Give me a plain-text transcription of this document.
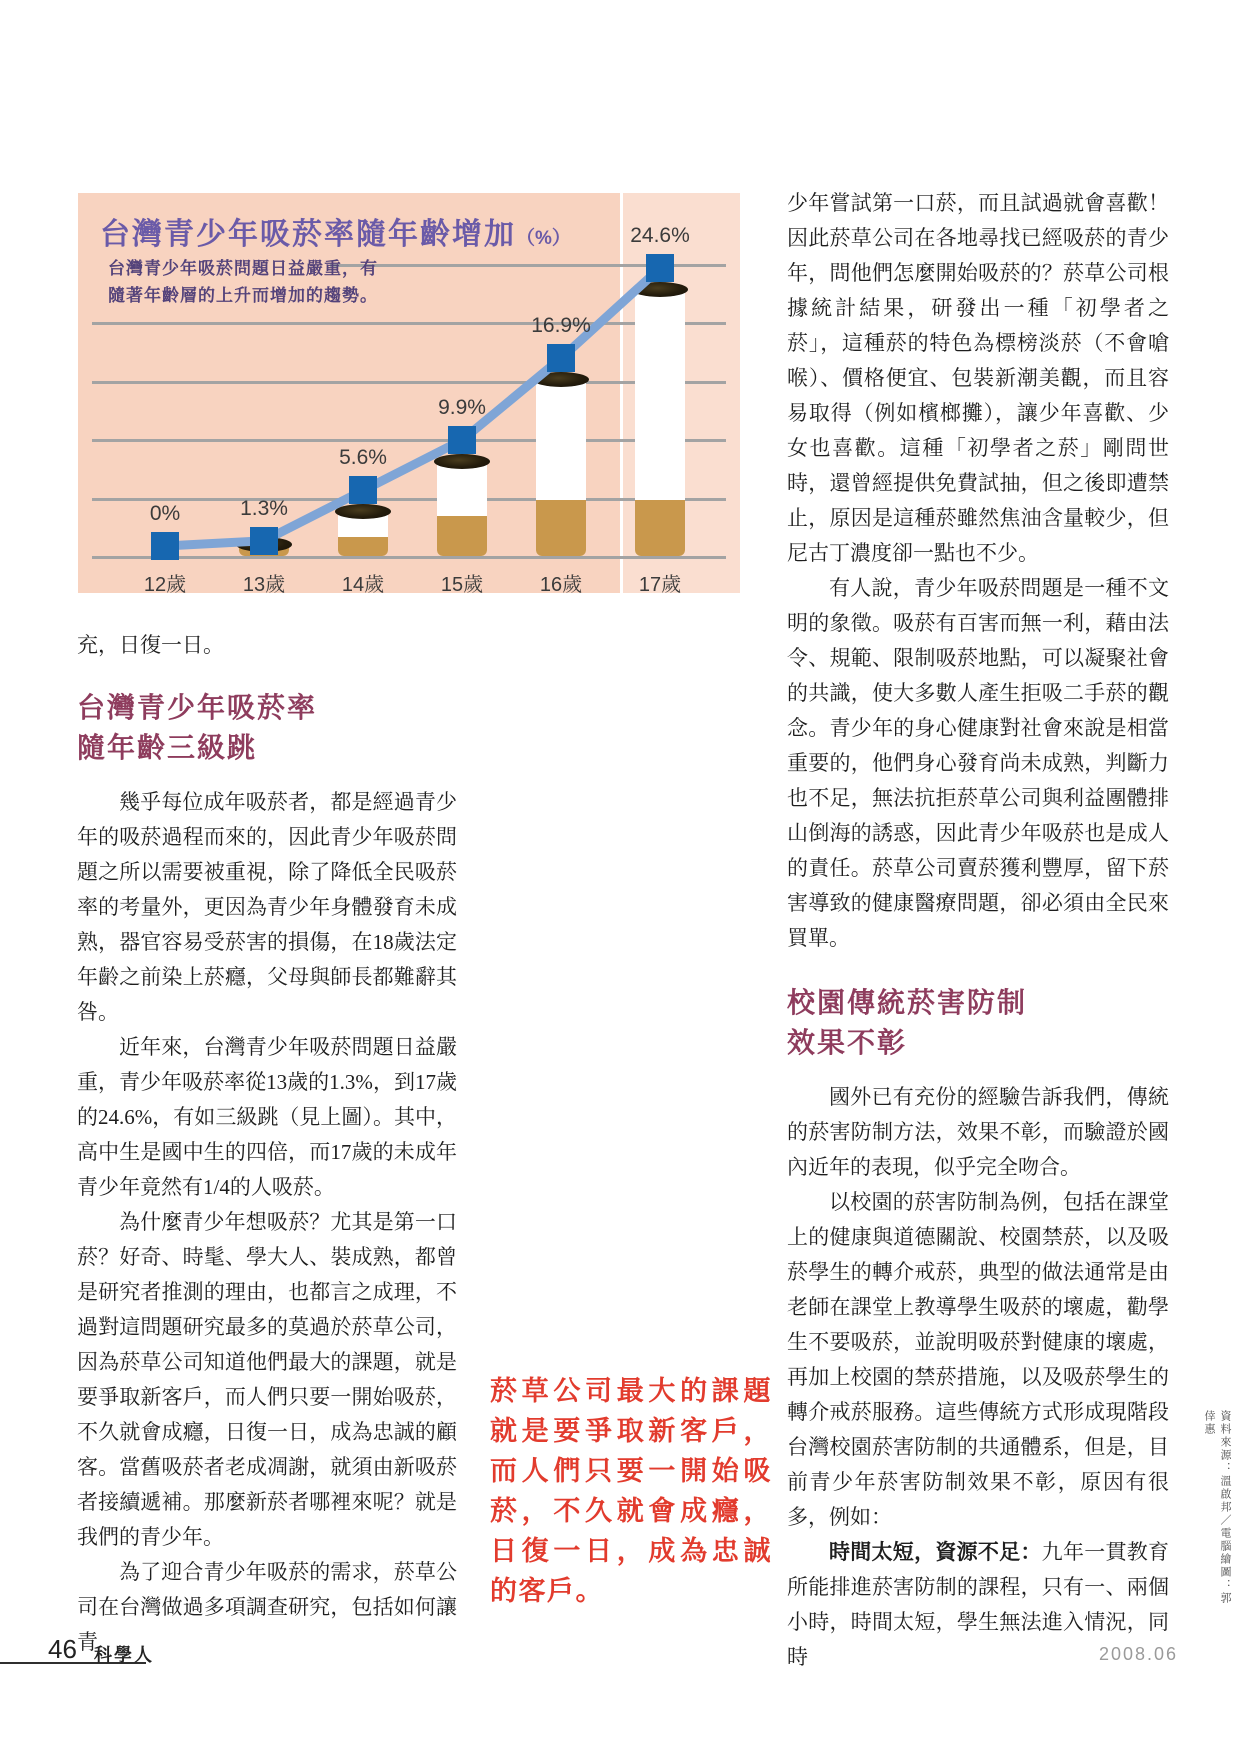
0%
12歲
1.3%
13歲
5.6%
14歲
9.9%
15歲
16.9%
16歲
24.6%
17歲
台灣青少年吸菸率隨年齡增加（%）
台灣青少年吸菸問題日益嚴重，有
隨著年齡層的上升而增加的趨勢。

充，日復一日。

台灣青少年吸菸率
隨年齡三級跳

幾乎每位成年吸菸者，都是經過青少年的吸菸過程而來的，因此青少年吸菸問題之所以需要被重視，除了降低全民吸菸率的考量外，更因為青少年身體發育未成熟，器官容易受菸害的損傷，在18歲法定年齡之前染上菸癮，父母與師長都難辭其咎。

近年來，台灣青少年吸菸問題日益嚴重，青少年吸菸率從13歲的1.3%，到17歲的24.6%，有如三級跳（見上圖）。其中，高中生是國中生的四倍，而17歲的未成年青少年竟然有1/4的人吸菸。

為什麼青少年想吸菸？尤其是第一口菸？好奇、時髦、學大人、裝成熟，都曾是研究者推測的理由，也都言之成理，不過對這問題研究最多的莫過於菸草公司，因為菸草公司知道他們最大的課題，就是要爭取新客戶，而人們只要一開始吸菸，不久就會成癮，日復一日，成為忠誠的顧客。當舊吸菸者老成凋謝，就須由新吸菸者接續遞補。那麼新菸者哪裡來呢？就是我們的青少年。

為了迎合青少年吸菸的需求，菸草公司在台灣做過多項調查研究，包括如何讓青

菸草公司最大的課題就是要爭取新客戶，而人們只要一開始吸菸，不久就會成癮，日復一日，成為忠誠的客戶。

少年嘗試第一口菸，而且試過就會喜歡！因此菸草公司在各地尋找已經吸菸的青少年，問他們怎麼開始吸菸的？菸草公司根據統計結果，研發出一種「初學者之菸」，這種菸的特色為標榜淡菸（不會嗆喉）、價格便宜、包裝新潮美觀，而且容易取得（例如檳榔攤），讓少年喜歡、少女也喜歡。這種「初學者之菸」剛問世時，還曾經提供免費試抽，但之後即遭禁止，原因是這種菸雖然焦油含量較少，但尼古丁濃度卻一點也不少。

有人說，青少年吸菸問題是一種不文明的象徵。吸菸有百害而無一利，藉由法令、規範、限制吸菸地點，可以凝聚社會的共識，使大多數人產生拒吸二手菸的觀念。青少年的身心健康對社會來說是相當重要的，他們身心發育尚未成熟，判斷力也不足，無法抗拒菸草公司與利益團體排山倒海的誘惑，因此青少年吸菸也是成人的責任。菸草公司賣菸獲利豐厚，留下菸害導致的健康醫療問題，卻必須由全民來買單。

校園傳統菸害防制
效果不彰

國外已有充份的經驗告訴我們，傳統的菸害防制方法，效果不彰，而驗證於國內近年的表現，似乎完全吻合。

以校園的菸害防制為例，包括在課堂上的健康與道德關說、校園禁菸，以及吸菸學生的轉介戒菸，典型的做法通常是由老師在課堂上教導學生吸菸的壞處，勸學生不要吸菸，並說明吸菸對健康的壞處，再加上校園的禁菸措施，以及吸菸學生的轉介戒菸服務。這些傳統方式形成現階段台灣校園菸害防制的共通體系，但是，目前青少年菸害防制效果不彰，原因有很多，例如：

時間太短，資源不足：九年一貫教育所能排進菸害防制的課程，只有一、兩個小時，時間太短，學生無法進入情況，同時

資料來源：溫啟邦／電腦繪圖：郭倖惠
46 科學人	2008.06
